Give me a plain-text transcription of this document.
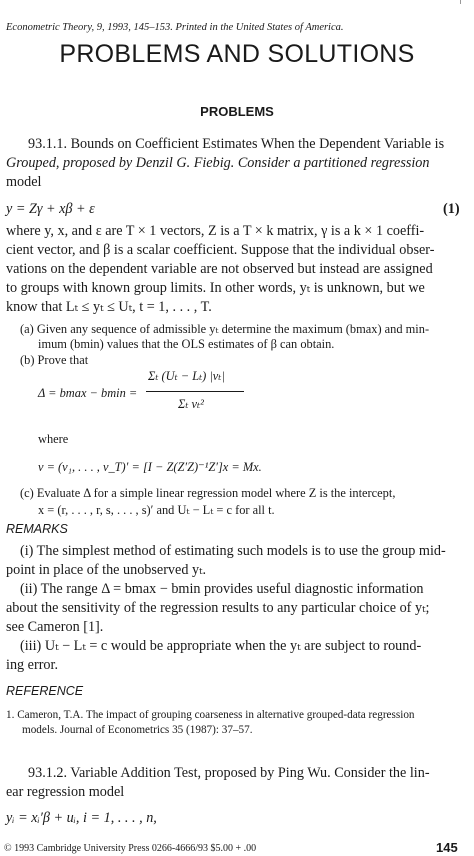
Econometric Theory, 9, 1993, 145–153. Printed in the United States of America.
PROBLEMS AND SOLUTIONS
PROBLEMS
93.1.1. Bounds on Coefficient Estimates When the Dependent Variable is
Grouped, proposed by Denzil G. Fiebig. Consider a partitioned regression
model
y = Zγ + xβ + ε	(1)
where y, x, and ε are T × 1 vectors, Z is a T × k matrix, γ is a k × 1 coeffi-
cient vector, and β is a scalar coefficient. Suppose that the individual obser-
vations on the dependent variable are not observed but instead are assigned
to groups with known group limits. In other words, yₜ is unknown, but we
know that Lₜ ≤ yₜ ≤ Uₜ, t = 1, . . . , T.
(a) Given any sequence of admissible yₜ determine the maximum (bmax) and min-
imum (bmin) values that the OLS estimates of β can obtain.
(b) Prove that
Δ = bmax − bmin =
Σₜ (Uₜ − Lₜ) |vₜ|
Σₜ vₜ²
where
v = (v₁, . . . , v_T)′ = [I − Z(Z′Z)⁻¹Z′]x = Mx.
(c) Evaluate Δ for a simple linear regression model where Z is the intercept,
x = (r, . . . , r, s, . . . , s)′ and Uₜ − Lₜ = c for all t.
REMARKS
(i) The simplest method of estimating such models is to use the group mid-
point in place of the unobserved yₜ.
(ii) The range Δ = bmax − bmin provides useful diagnostic information
about the sensitivity of the regression results to any particular choice of yₜ;
see Cameron [1].
(iii) Uₜ − Lₜ = c would be appropriate when the yₜ are subject to round-
ing error.
REFERENCE
1. Cameron, T.A. The impact of grouping coarseness in alternative grouped-data regression
models. Journal of Econometrics 35 (1987): 37–57.
93.1.2. Variable Addition Test, proposed by Ping Wu. Consider the lin-
ear regression model
yᵢ = xᵢ′β + uᵢ, i = 1, . . . , n,
© 1993 Cambridge University Press 0266-4666/93 $5.00 + .00	145
